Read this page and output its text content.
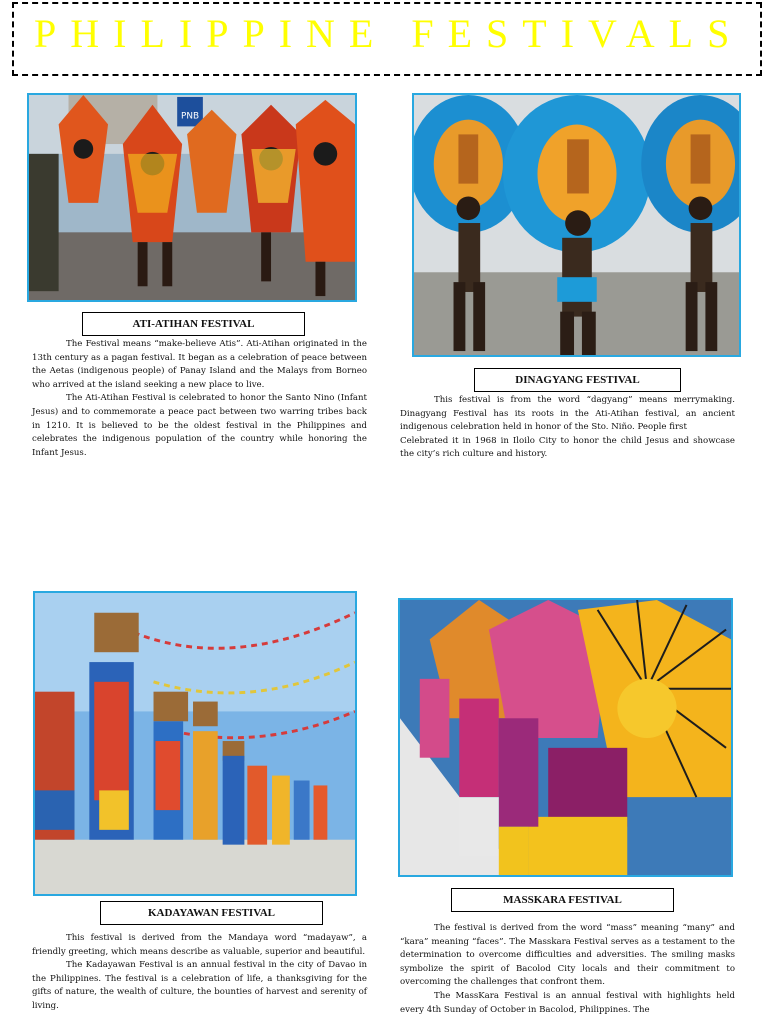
PHILIPPINE FESTIVALS
PNB
ATI-ATIHAN FESTIVAL

The Festival means “make-believe Atis”. Ati-Atihan originated in the 13th century as a pagan festival. It began as a celebration of peace between the Aetas (indigenous people) of Panay Island and the Malays from Borneo who arrived at the island seeking a new place to live.

The Ati-Atihan Festival is celebrated to honor the Santo Nino (Infant Jesus) and to commemorate a peace pact between two warring tribes back in 1210. It is believed to be the oldest festival in the Philippines and celebrates the indigenous population of the country while honoring the Infant Jesus.

DINAGYANG FESTIVAL

This festival is from the word “dagyang” means merrymaking. Dinagyang Festival has its roots in the Ati-Atihan festival, an ancient indigenous celebration held in honor of the Sto. Niño. People first

Celebrated it in 1968 in Iloilo City to honor the child Jesus and showcase the city’s rich culture and history.

KADAYAWAN FESTIVAL

This festival is derived from the Mandaya word “madayaw”, a friendly greeting, which means describe as valuable, superior and beautiful.

The Kadayawan Festival is an annual festival in the city of Davao in the Philippines. The festival is a celebration of life, a thanksgiving for the gifts of nature, the wealth of culture, the bounties of harvest and serenity of living.

MASSKARA FESTIVAL

The festival is derived from the word “mass” meaning “many” and “kara” meaning “faces”. The Masskara Festival serves as a testament to the determination to overcome difficulties and adversities. The smiling masks symbolize the spirit of Bacolod City locals and their commitment to overcoming the challenges that confront them.

The MassKara Festival is an annual festival with highlights held every 4th Sunday of October in Bacolod, Philippines. The
